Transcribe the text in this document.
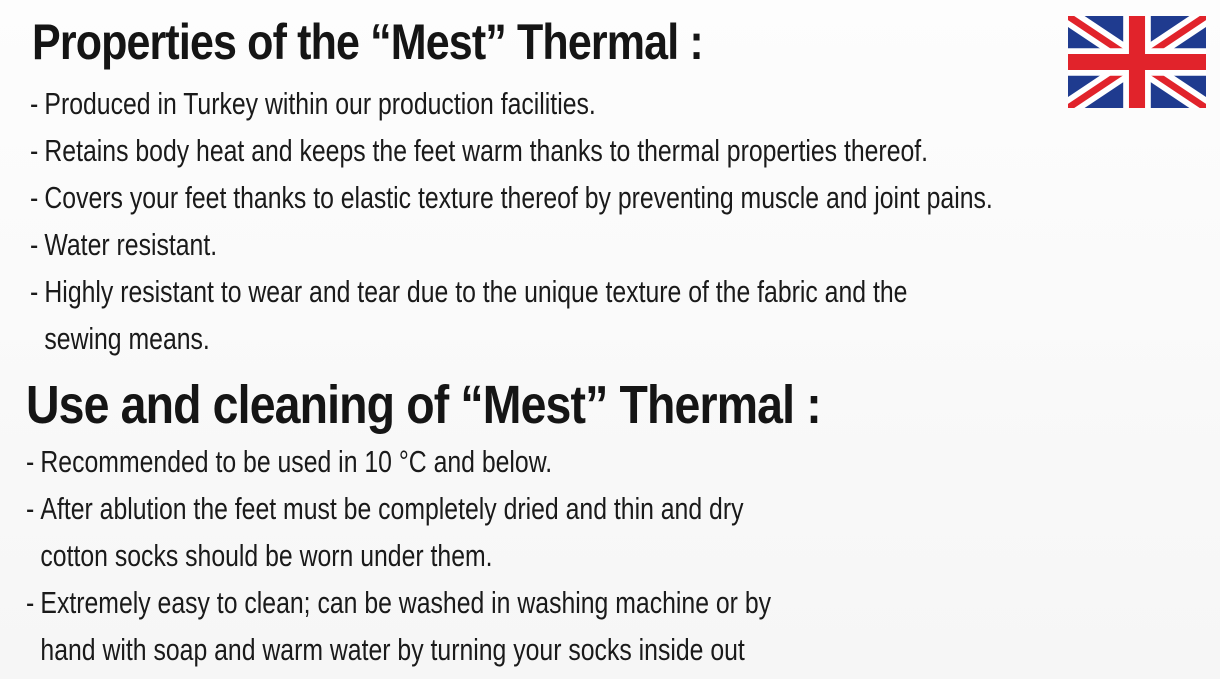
Properties of the “Mest” Thermal :
- Produced in Turkey within our production facilities.
- Retains body heat and keeps the feet warm thanks to thermal properties thereof.
- Covers your feet thanks to elastic texture thereof by preventing muscle and joint pains.
- Water resistant.
- Highly resistant to wear and tear due to the unique texture of the fabric and the
sewing means.
Use and cleaning of “Mest” Thermal :
- Recommended to be used in 10 °C and below.
- After ablution the feet must be completely dried and thin and dry
cotton socks should be worn under them.
- Extremely easy to clean; can be washed in washing machine or by
hand with soap and warm water by turning your socks inside out
